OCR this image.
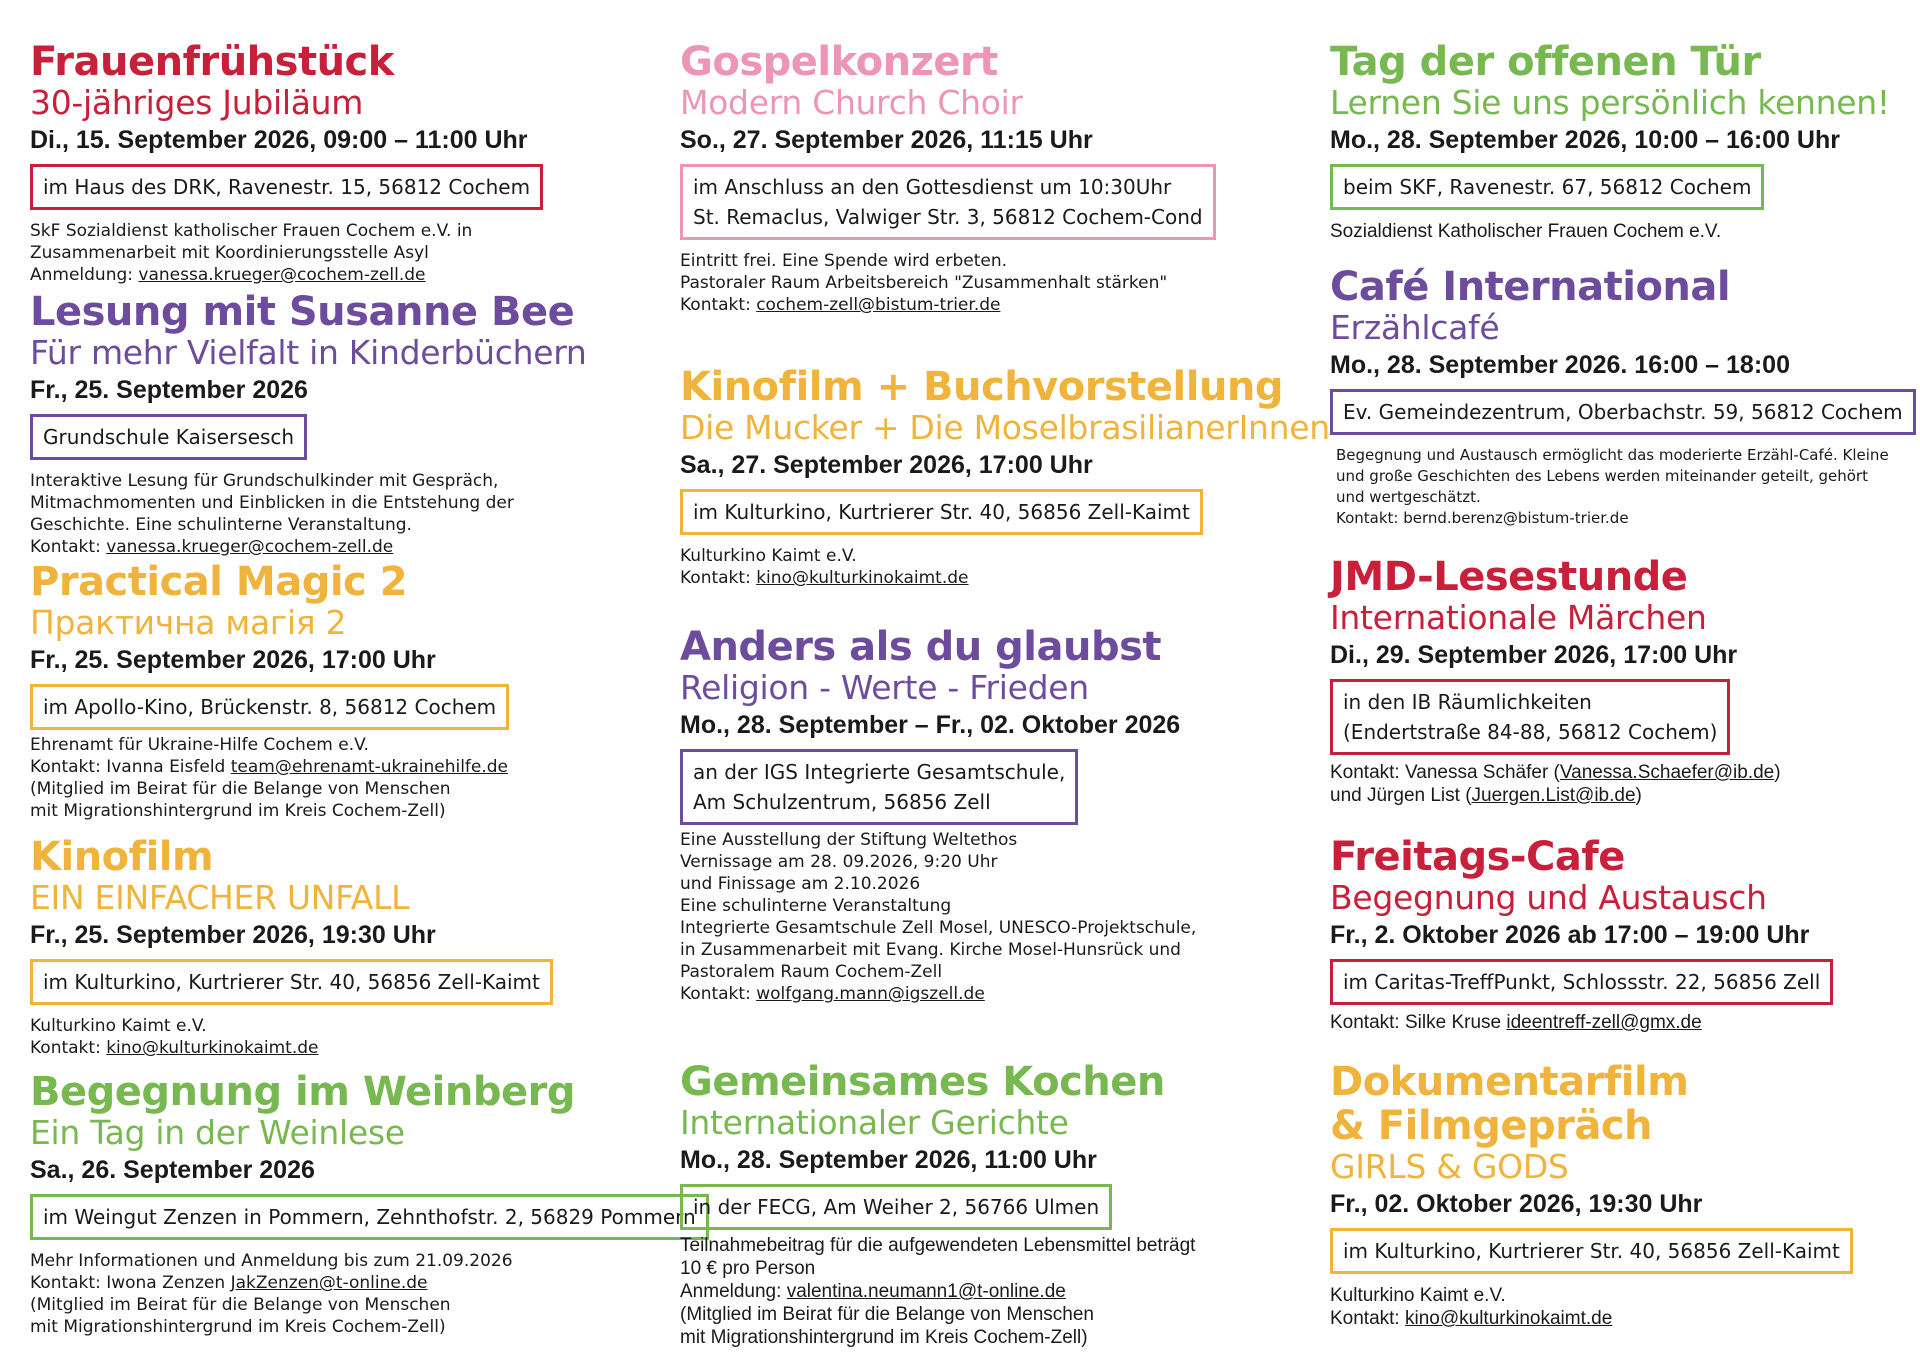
Frauenfrühstück
30-jähriges Jubiläum
Di., 15. September 2026, 09:00 – 11:00 Uhr
im Haus des DRK, Ravenestr. 15, 56812 Cochem
SkF Sozialdienst katholischer Frauen Cochem e.V. in
Zusammenarbeit mit Koordinierungsstelle Asyl
Anmeldung: vanessa.krueger@cochem-zell.de
Lesung mit Susanne Bee
Für mehr Vielfalt in Kinderbüchern
Fr., 25. September 2026
Grundschule Kaisersesch
Interaktive Lesung für Grundschulkinder mit Gespräch,
Mitmachmomenten und Einblicken in die Entstehung der
Geschichte. Eine schulinterne Veranstaltung.
Kontakt: vanessa.krueger@cochem-zell.de
Practical Magic 2
Практична магія 2
Fr., 25. September 2026, 17:00 Uhr
im Apollo-Kino, Brückenstr. 8, 56812 Cochem
Ehrenamt für Ukraine-Hilfe Cochem e.V.
Kontakt: Ivanna Eisfeld team@ehrenamt-ukrainehilfe.de
(Mitglied im Beirat für die Belange von Menschen
mit Migrationshintergrund im Kreis Cochem-Zell)
Kinofilm
EIN EINFACHER UNFALL
Fr., 25. September 2026, 19:30 Uhr
im Kulturkino, Kurtrierer Str. 40, 56856 Zell-Kaimt
Kulturkino Kaimt e.V.
Kontakt: kino@kulturkinokaimt.de
Begegnung im Weinberg
Ein Tag in der Weinlese
Sa., 26. September 2026
im Weingut Zenzen in Pommern, Zehnthofstr. 2, 56829 Pommern
Mehr Informationen und Anmeldung bis zum 21.09.2026
Kontakt: Iwona Zenzen JakZenzen@t-online.de
(Mitglied im Beirat für die Belange von Menschen
mit Migrationshintergrund im Kreis Cochem-Zell)
Gospelkonzert
Modern Church Choir
So., 27. September 2026, 11:15 Uhr
im Anschluss an den Gottesdienst um 10:30Uhr
St. Remaclus, Valwiger Str. 3, 56812 Cochem-Cond
Eintritt frei. Eine Spende wird erbeten.
Pastoraler Raum Arbeitsbereich "Zusammenhalt stärken"
Kontakt: cochem-zell@bistum-trier.de
Kinofilm + Buchvorstellung
Die Mucker + Die MoselbrasilianerInnen
Sa., 27. September 2026, 17:00 Uhr
im Kulturkino, Kurtrierer Str. 40, 56856 Zell-Kaimt
Kulturkino Kaimt e.V.
Kontakt: kino@kulturkinokaimt.de
Anders als du glaubst
Religion - Werte - Frieden
Mo., 28. September – Fr., 02. Oktober 2026
an der IGS Integrierte Gesamtschule,
Am Schulzentrum, 56856 Zell
Eine Ausstellung der Stiftung Weltethos
Vernissage am 28. 09.2026, 9:20 Uhr
und Finissage am 2.10.2026
Eine schulinterne Veranstaltung
Integrierte Gesamtschule Zell Mosel, UNESCO-Projektschule,
in Zusammenarbeit mit Evang. Kirche Mosel-Hunsrück und
Pastoralem Raum Cochem-Zell
Kontakt: wolfgang.mann@igszell.de
Gemeinsames Kochen
Internationaler Gerichte
Mo., 28. September 2026, 11:00 Uhr
in der FECG, Am Weiher 2, 56766 Ulmen
Teilnahmebeitrag für die aufgewendeten Lebensmittel beträgt
10 € pro Person
Anmeldung: valentina.neumann1@t-online.de
(Mitglied im Beirat für die Belange von Menschen
mit Migrationshintergrund im Kreis Cochem-Zell)
Tag der offenen Tür
Lernen Sie uns persönlich kennen!
Mo., 28. September 2026, 10:00 – 16:00 Uhr
beim SKF, Ravenestr. 67, 56812 Cochem
Sozialdienst Katholischer Frauen Cochem e.V.
Café International
Erzählcafé
Mo., 28. September 2026. 16:00 – 18:00
Ev. Gemeindezentrum, Oberbachstr. 59, 56812 Cochem
Begegnung und Austausch ermöglicht das moderierte Erzähl-Café. Kleine
und große Geschichten des Lebens werden miteinander geteilt, gehört
und wertgeschätzt.
Kontakt: bernd.berenz@bistum-trier.de
JMD-Lesestunde
Internationale Märchen
Di., 29. September 2026, 17:00 Uhr
in den IB Räumlichkeiten
(Endertstraße 84-88, 56812 Cochem)
Kontakt: Vanessa Schäfer (Vanessa.Schaefer@ib.de)
und Jürgen List (Juergen.List@ib.de)
Freitags-Cafe
Begegnung und Austausch
Fr., 2. Oktober 2026 ab 17:00 – 19:00 Uhr
im Caritas-TreffPunkt, Schlossstr. 22, 56856 Zell
Kontakt: Silke Kruse ideentreff-zell@gmx.de
Dokumentarfilm
& Filmgepräch
GIRLS & GODS
Fr., 02. Oktober 2026, 19:30 Uhr
im Kulturkino, Kurtrierer Str. 40, 56856 Zell-Kaimt
Kulturkino Kaimt e.V.
Kontakt: kino@kulturkinokaimt.de
